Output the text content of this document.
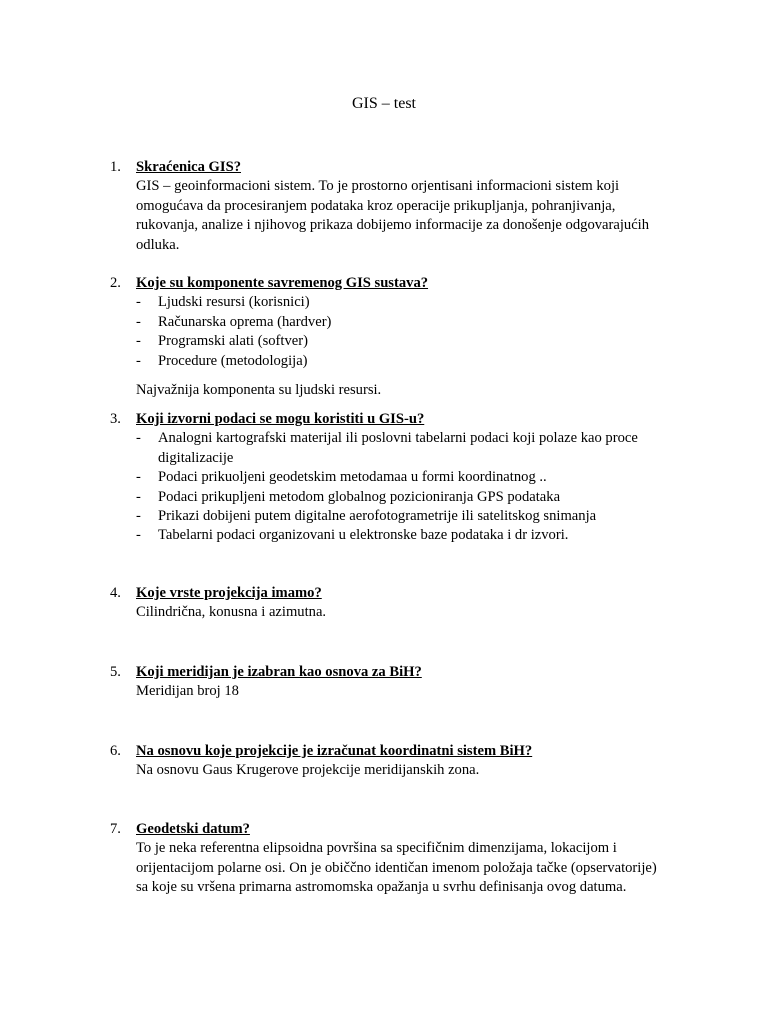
GIS – test
1.	Skraćenica GIS?

GIS – geoinformacioni sistem. To je prostorno orjentisani informacioni sistem koji omogućava da procesiranjem podataka kroz operacije prikupljanja, pohranjivanja, rukovanja, analize i njihovog prikaza dobijemo informacije za donošenje odgovarajućih odluka.

2.	Koje su komponente savremenog GIS sustava?
- Ljudski resursi (korisnici)
- Računarska oprema (hardver)
- Programski alati (softver)
- Procedure (metodologija)

Najvažnija komponenta su ljudski resursi.

3.	Koji izvorni podaci se mogu koristiti u GIS-u?
- Analogni kartografski materijal ili poslovni tabelarni podaci koji polaze kao proce digitalizacije
- Podaci prikuoljeni geodetskim metodamaa u formi koordinatnog ..
- Podaci prikupljeni metodom globalnog pozicioniranja GPS podataka
- Prikazi dobijeni putem digitalne aerofotogrametrije ili satelitskog snimanja
- Tabelarni podaci organizovani u elektronske baze podataka i dr izvori.
4.	Koje vrste projekcija imamo?

Cilindrična, konusna i azimutna.

5.	Koji meridijan je izabran kao osnova za BiH?

Meridijan broj 18

6.	Na osnovu koje projekcije je izračunat koordinatni sistem BiH?

Na osnovu Gaus Krugerove projekcije meridijanskih zona.

7.	Geodetski datum?

To je neka referentna elipsoidna površina sa specifičnim dimenzijama, lokacijom i orijentacijom polarne osi. On je običčno identičan imenom položaja tačke (opservatorije) sa koje su vršena primarna astromomska opažanja u svrhu definisanja ovog datuma.
